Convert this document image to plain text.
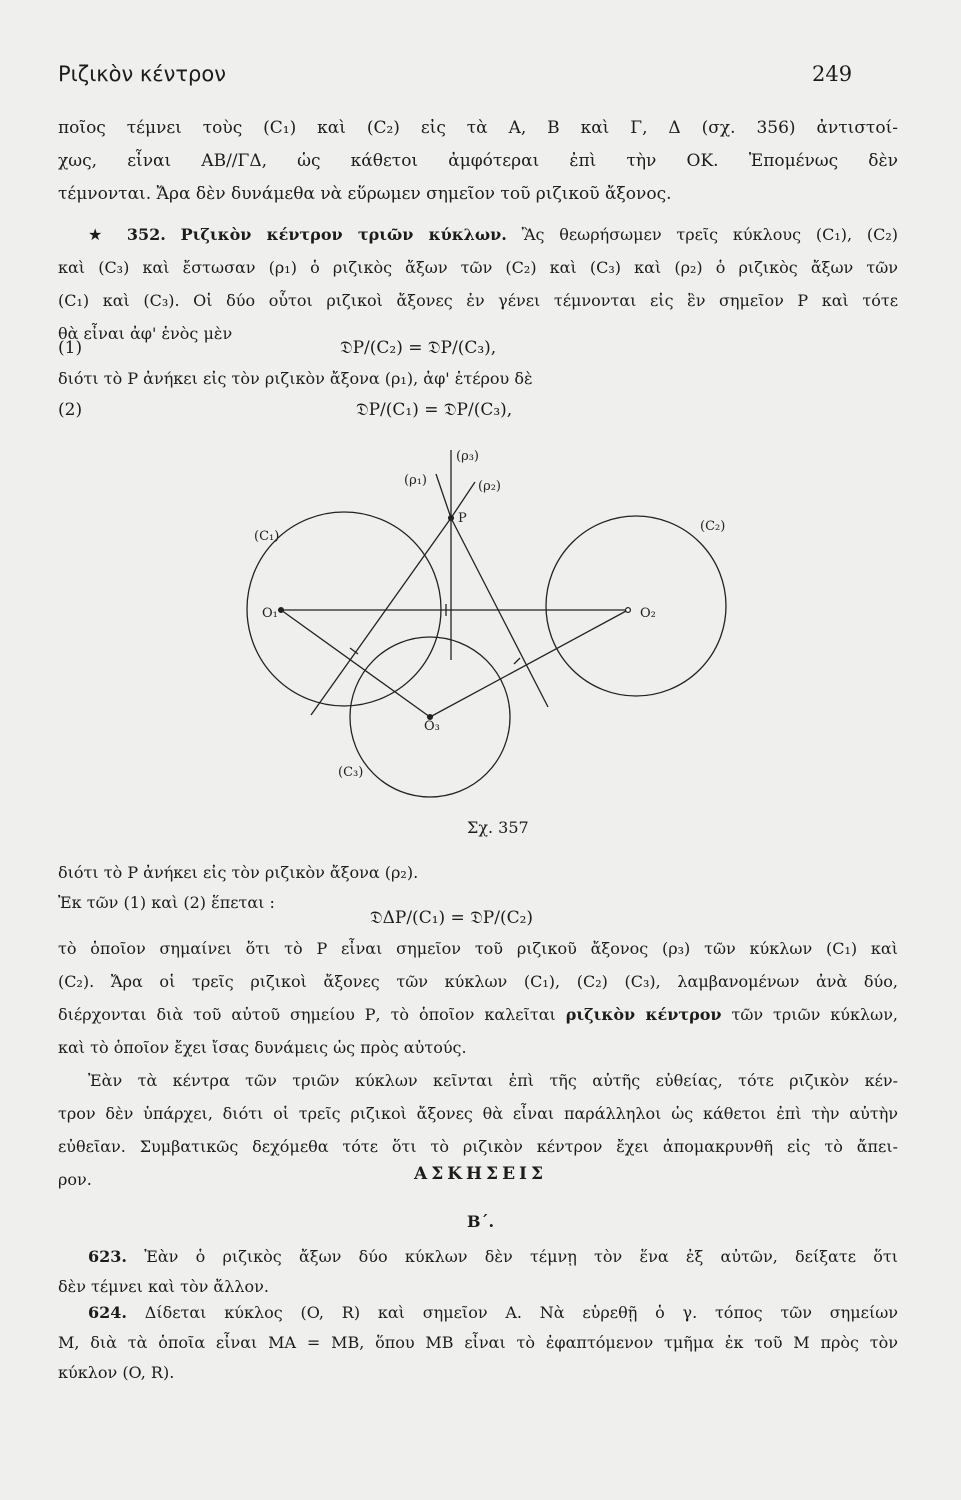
Ριζικὸν κέντρον	249
ποῖος τέμνει τοὺς (C₁) καὶ (C₂) εἰς τὰ Α, Β καὶ Γ, Δ (σχ. 356) ἀντιστοί-
χως, εἶναι ΑΒ//ΓΔ, ὡς κάθετοι ἀμφότεραι ἐπὶ τὴν ΟΚ. Ἐπομένως δὲν
τέμνονται. Ἄρα δὲν δυνάμεθα νὰ εὕρωμεν σημεῖον τοῦ ριζικοῦ ἄξονος.
★ 352. Ριζικὸν κέντρον τριῶν κύκλων. Ἂς θεωρήσωμεν τρεῖς κύκλους (C₁), (C₂)
καὶ (C₃) καὶ ἔστωσαν (ρ₁) ὁ ριζικὸς ἄξων τῶν (C₂) καὶ (C₃) καὶ (ρ₂) ὁ ριζικὸς ἄξων τῶν
(C₁) καὶ (C₃). Οἱ δύο οὗτοι ριζικοὶ ἄξονες ἐν γένει τέμνονται εἰς ἓν σημεῖον Ρ καὶ τότε
θὰ εἶναι ἀφ' ἑνὸς μὲν
(1)	𝔇P/(C₂) = 𝔇P/(C₃),
διότι τὸ Ρ ἀνήκει εἰς τὸν ριζικὸν ἄξονα (ρ₁), ἀφ' ἑτέρου δὲ
(2)	𝔇P/(C₁) = 𝔇P/(C₃),
(C₁)
(C₂)
(C₃)
O₁	O₂
O₃
P
(ρ₁)	(ρ₂)
(ρ₃)
Σχ. 357
διότι τὸ Ρ ἀνήκει εἰς τὸν ριζικὸν ἄξονα (ρ₂).
Ἐκ τῶν (1) καὶ (2) ἕπεται :
𝔇ΔP/(C₁) = 𝔇P/(C₂)
τὸ ὁποῖον σημαίνει ὅτι τὸ Ρ εἶναι σημεῖον τοῦ ριζικοῦ ἄξονος (ρ₃) τῶν κύκλων (C₁) καὶ
(C₂). Ἄρα οἱ τρεῖς ριζικοὶ ἄξονες τῶν κύκλων (C₁), (C₂) (C₃), λαμβανομένων ἀνὰ δύο,
διέρχονται διὰ τοῦ αὐτοῦ σημείου Ρ, τὸ ὁποῖον καλεῖται ριζικὸν κέντρον τῶν τριῶν κύκλων,
καὶ τὸ ὁποῖον ἔχει ἴσας δυνάμεις ὡς πρὸς αὐτούς.
Ἐὰν τὰ κέντρα τῶν τριῶν κύκλων κεῖνται ἐπὶ τῆς αὐτῆς εὐθείας, τότε ριζικὸν κέν-
τρον δὲν ὑπάρχει, διότι οἱ τρεῖς ριζικοὶ ἄξονες θὰ εἶναι παράλληλοι ὡς κάθετοι ἐπὶ τὴν αὐτὴν
εὐθεῖαν. Συμβατικῶς δεχόμεθα τότε ὅτι τὸ ριζικὸν κέντρον ἔχει ἀπομακρυνθῆ εἰς τὸ ἄπει-
ρον.	ΑΣΚΗΣΕΙΣ
Β΄.
623. Ἐὰν ὁ ριζικὸς ἄξων δύο κύκλων δὲν τέμνῃ τὸν ἕνα ἐξ αὐτῶν, δείξατε ὅτι
δὲν τέμνει καὶ τὸν ἄλλον.
624. Δίδεται κύκλος (O, R) καὶ σημεῖον Α. Νὰ εὑρεθῇ ὁ γ. τόπος τῶν σημείων
Μ, διὰ τὰ ὁποῖα εἶναι ΜΑ = ΜΒ, ὅπου ΜΒ εἶναι τὸ ἐφαπτόμενον τμῆμα ἐκ τοῦ Μ πρὸς τὸν
κύκλον (O, R).
